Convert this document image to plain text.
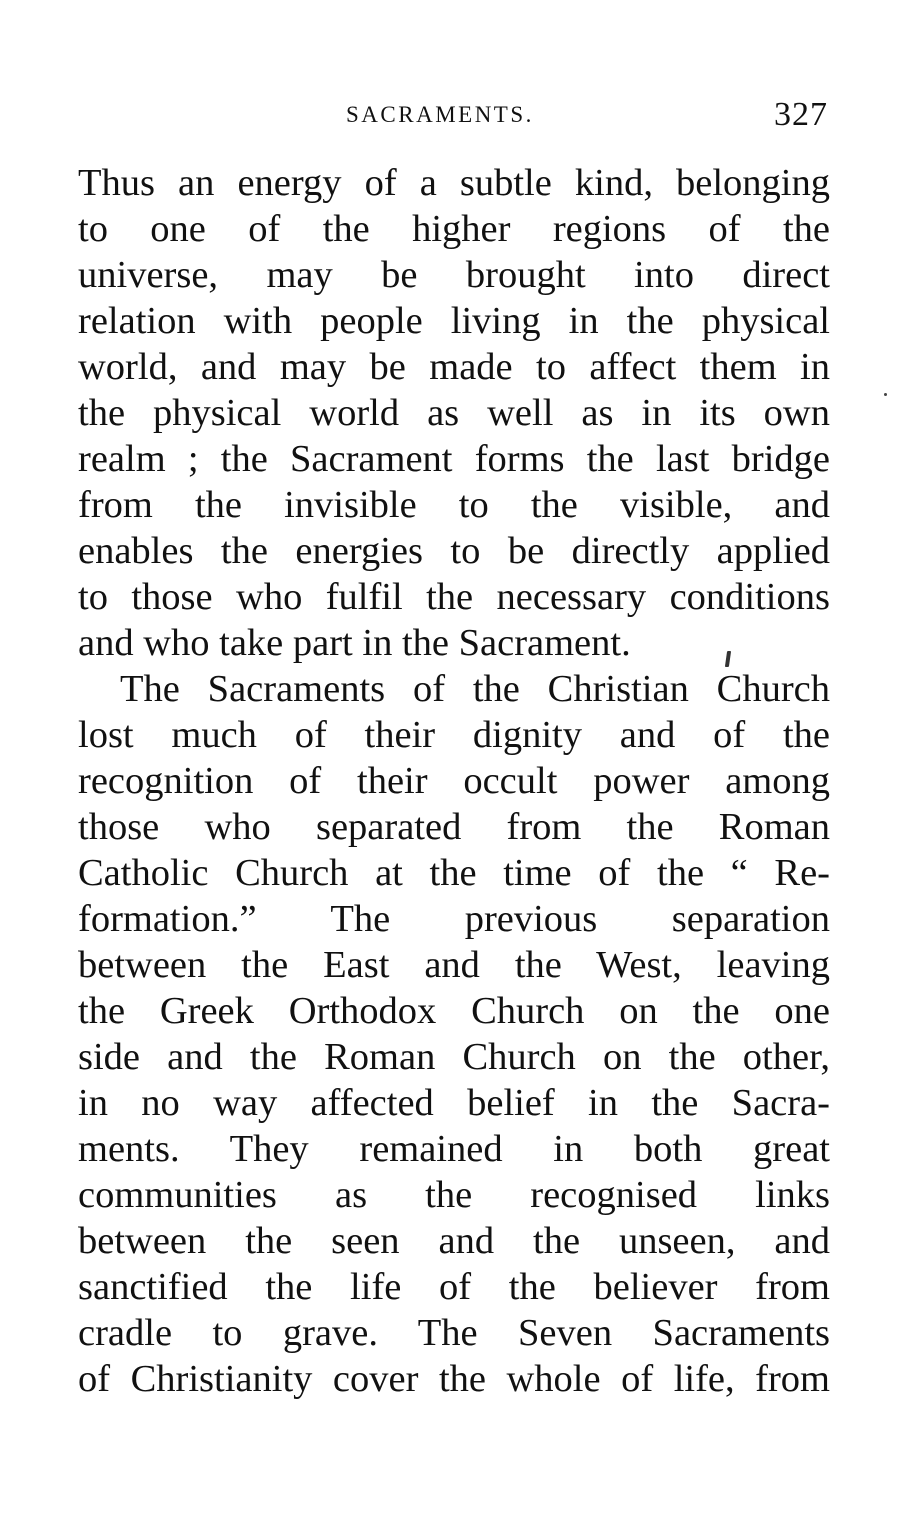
SACRAMENTS.	327
Thus an energy of a subtle kind, belonging
to one of the higher regions of the
universe, may be brought into direct
relation with people living in the physical
world, and may be made to affect them in
the physical world as well as in its own
realm ; the Sacrament forms the last bridge
from the invisible to the visible, and
enables the energies to be directly applied
to those who fulfil the necessary conditions
and who take part in the Sacrament.
The Sacraments of the Christian Church
lost much of their dignity and of the
recognition of their occult power among
those who separated from the Roman
Catholic Church at the time of the “ Re-
formation.” The previous separation
between the East and the West, leaving
the Greek Orthodox Church on the one
side and the Roman Church on the other,
in no way affected belief in the Sacra-
ments. They remained in both great
communities as the recognised links
between the seen and the unseen, and
sanctified the life of the believer from
cradle to grave. The Seven Sacraments
of Christianity cover the whole of life, from
